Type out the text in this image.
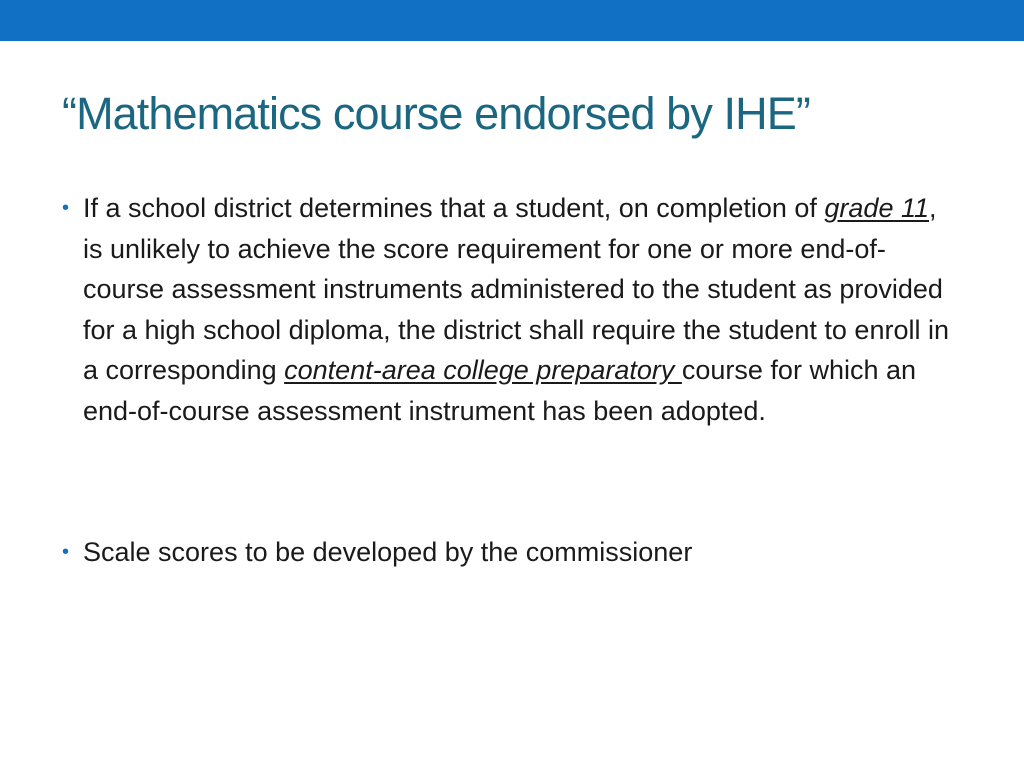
“Mathematics course endorsed by IHE”
• If a school district determines that a student, on completion of grade 11, is unlikely to achieve the score requirement for one or more end-of-course assessment instruments administered to the student as provided for a high school diploma, the district shall require the student to enroll in a corresponding content-area college preparatory course for which an end-of-course assessment instrument has been adopted.
• Scale scores to be developed by the commissioner
